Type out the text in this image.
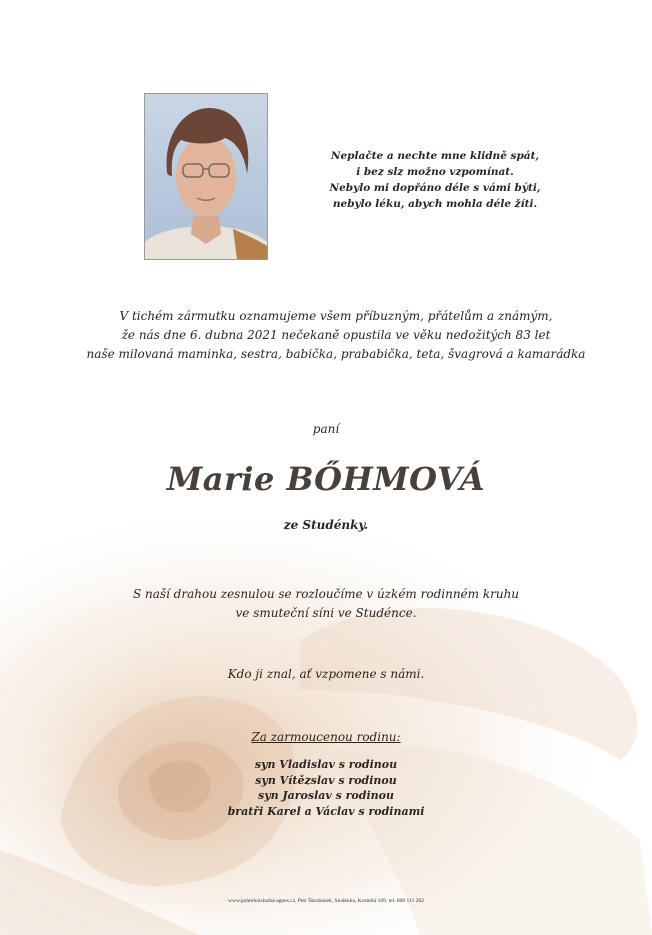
Neplačte a nechte mne klidně spát,
i bez slz možno vzpomínat.
Nebylo mi dopřáno déle s vámi býti,
nebylo léku, abych mohla déle žíti.
V tichém zármutku oznamujeme všem příbuzným, přátelům a známým,
že nás dne 6. dubna 2021 nečekaně opustila ve věku nedožitých 83 let
naše milovaná maminka, sestra, babička, prababička, teta, švagrová a kamarádka
paní
Marie BŐHMOVÁ
ze Studénky.
S naší drahou zesnulou se rozloučíme v úzkém rodinném kruhu
ve smuteční síni ve Studénce.
Kdo ji znal, ať vzpomene s námi.
Za zarmoucenou rodinu:
syn Vladislav s rodinou
syn Vítězslav s rodinou
syn Jaroslav s rodinou
bratři Karel a Václav s rodinami
www.pohrebnisluzba-agnes.cz, Petr Škrobánek, Studénka, Kostelní 169, tel. 800 111 202
